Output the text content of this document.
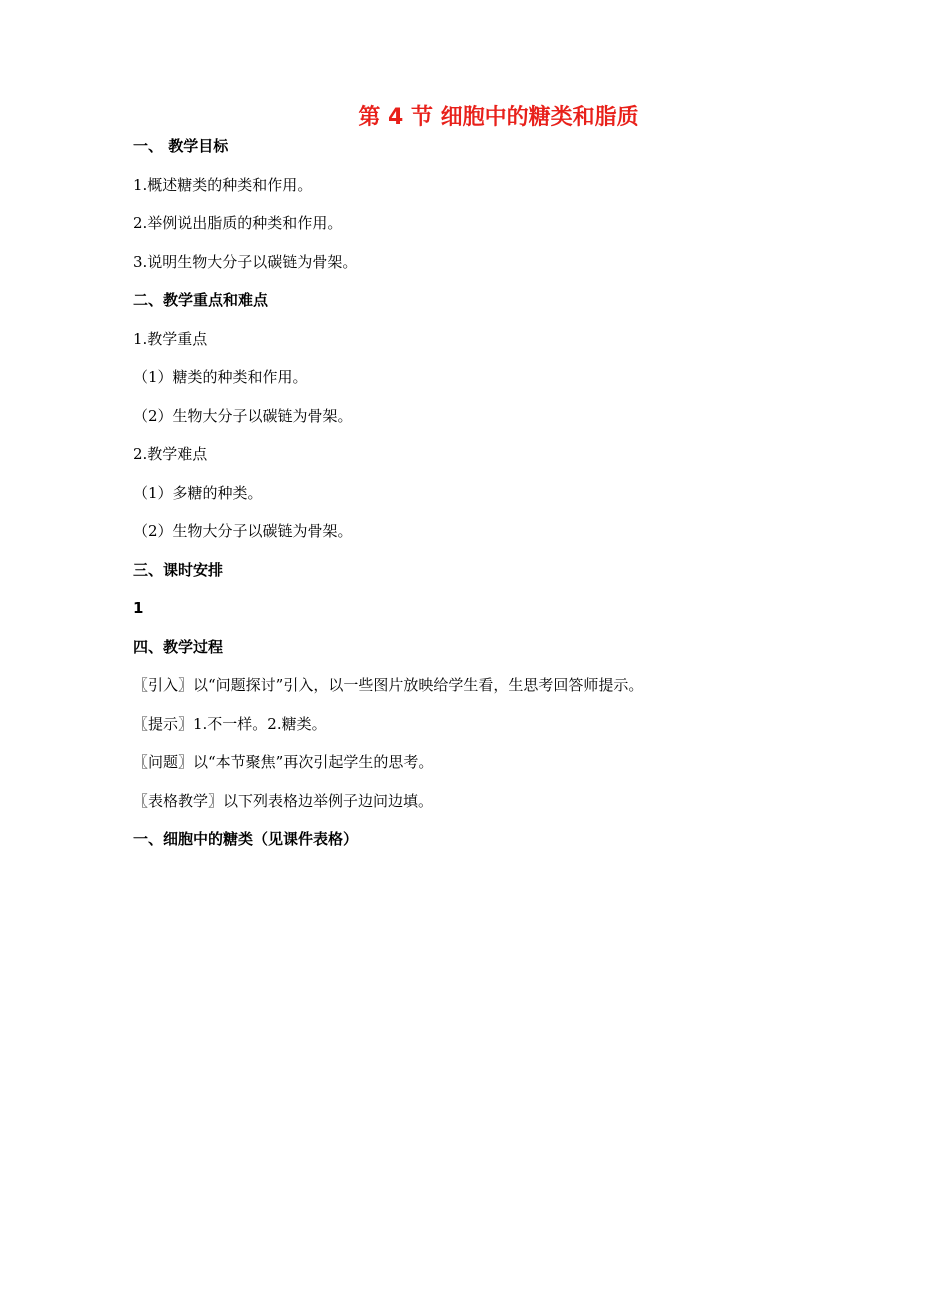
第 4 节 细胞中的糖类和脂质
一、 教学目标
1.概述糖类的种类和作用。
2.举例说出脂质的种类和作用。
3.说明生物大分子以碳链为骨架。
二、教学重点和难点
1.教学重点
（1）糖类的种类和作用。
（2）生物大分子以碳链为骨架。
2.教学难点
（1）多糖的种类。
（2）生物大分子以碳链为骨架。
三、课时安排
1
四、教学过程
〖引入〗以“问题探讨”引入，以一些图片放映给学生看，生思考回答师提示。
〖提示〗1.不一样。2.糖类。
〖问题〗以“本节聚焦”再次引起学生的思考。
〖表格教学〗以下列表格边举例子边问边填。
一、细胞中的糖类（见课件表格）
